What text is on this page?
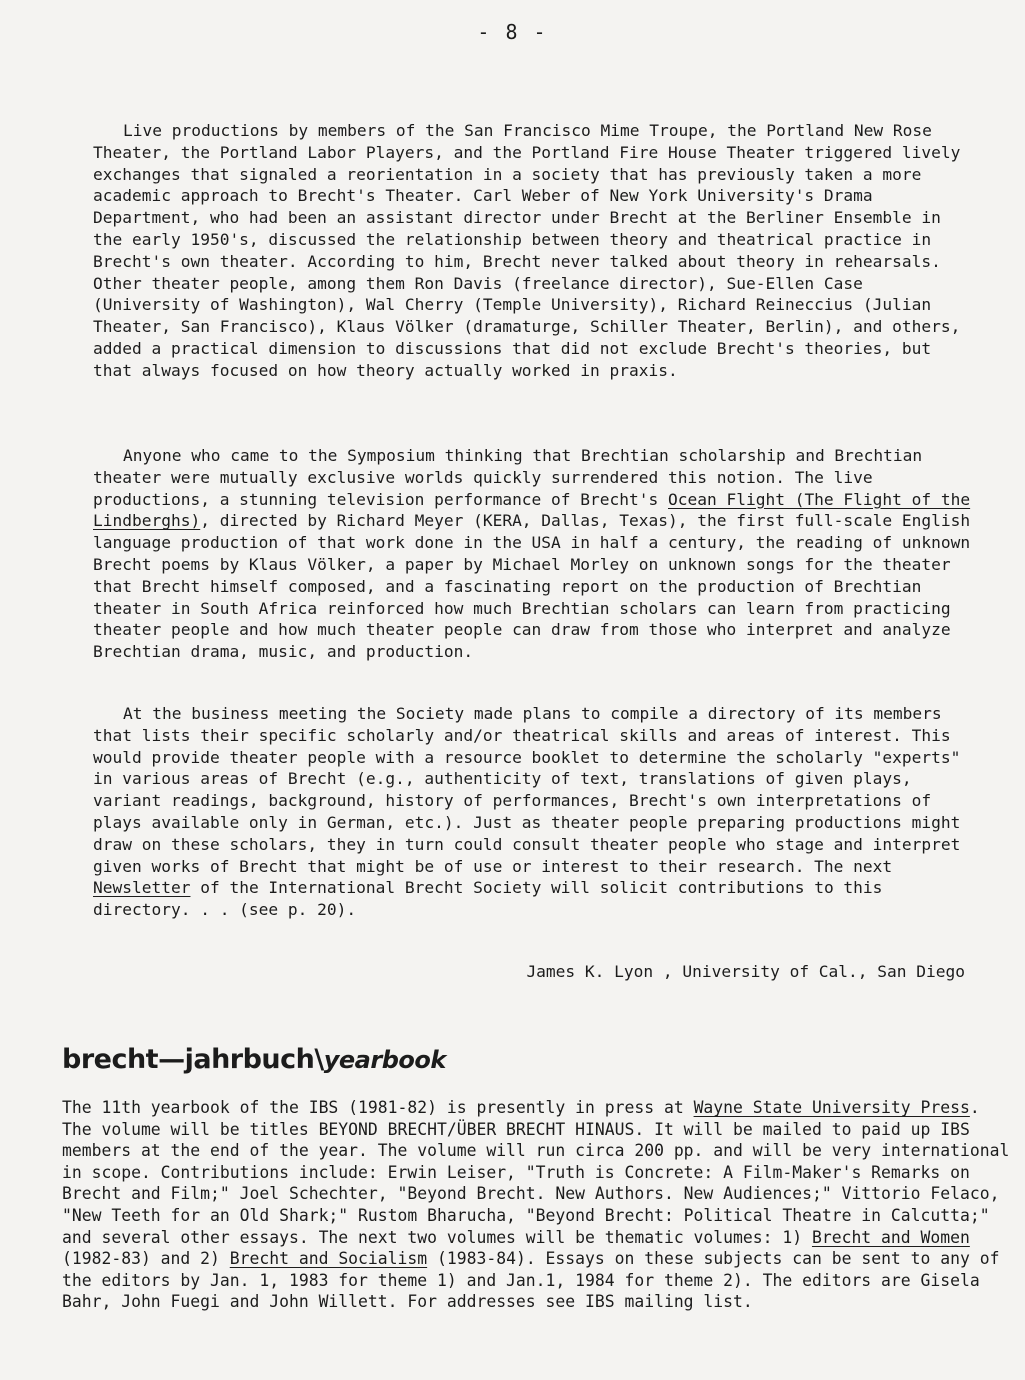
- 8 -

Live productions by members of the San Francisco Mime Troupe, the Portland New Rose Theater, the Portland Labor Players, and the Portland Fire House Theater triggered lively exchanges that signaled a reorientation in a society that has previously taken a more academic approach to Brecht's Theater. Carl Weber of New York University's Drama Department, who had been an assistant director under Brecht at the Berliner Ensemble in the early 1950's, discussed the relationship between theory and theatrical practice in Brecht's own theater. According to him, Brecht never talked about theory in rehearsals. Other theater people, among them Ron Davis (freelance director), Sue-Ellen Case (University of Washington), Wal Cherry (Temple University), Richard Reineccius (Julian Theater, San Francisco), Klaus Völker (dramaturge, Schiller Theater, Berlin), and others, added a practical dimension to discussions that did not exclude Brecht's theories, but that always focused on how theory actually worked in praxis.

Anyone who came to the Symposium thinking that Brechtian scholarship and Brechtian theater were mutually exclusive worlds quickly surrendered this notion. The live productions, a stunning television performance of Brecht's Ocean Flight (The Flight of the Lindberghs), directed by Richard Meyer (KERA, Dallas, Texas), the first full-scale English language production of that work done in the USA in half a century, the reading of unknown Brecht poems by Klaus Völker, a paper by Michael Morley on unknown songs for the theater that Brecht himself composed, and a fascinating report on the production of Brechtian theater in South Africa reinforced how much Brechtian scholars can learn from practicing theater people and how much theater people can draw from those who interpret and analyze Brechtian drama, music, and production.

At the business meeting the Society made plans to compile a directory of its members that lists their specific scholarly and/or theatrical skills and areas of interest. This would provide theater people with a resource booklet to determine the scholarly "experts" in various areas of Brecht (e.g., authenticity of text, translations of given plays, variant readings, background, history of performances, Brecht's own interpretations of plays available only in German, etc.). Just as theater people preparing productions might draw on these scholars, they in turn could consult theater people who stage and interpret given works of Brecht that might be of use or interest to their research. The next Newsletter of the International Brecht Society will solicit contributions to this directory. . . (see p. 20).

James K. Lyon , University of Cal., San Diego
brecht—jahrbuch\yearbook

The 11th yearbook of the IBS (1981-82) is presently in press at Wayne State University Press. The volume will be titles BEYOND BRECHT/ÜBER BRECHT HINAUS. It will be mailed to paid up IBS members at the end of the year. The volume will run circa 200 pp. and will be very international in scope. Contributions include: Erwin Leiser, "Truth is Concrete: A Film-Maker's Remarks on Brecht and Film;" Joel Schechter, "Beyond Brecht. New Authors. New Audiences;" Vittorio Felaco, "New Teeth for an Old Shark;" Rustom Bharucha, "Beyond Brecht: Political Theatre in Calcutta;" and several other essays. The next two volumes will be thematic volumes: 1) Brecht and Women (1982-83) and 2) Brecht and Socialism (1983-84). Essays on these subjects can be sent to any of the editors by Jan. 1, 1983 for theme 1) and Jan.1, 1984 for theme 2). The editors are Gisela Bahr, John Fuegi and John Willett. For addresses see IBS mailing list.
